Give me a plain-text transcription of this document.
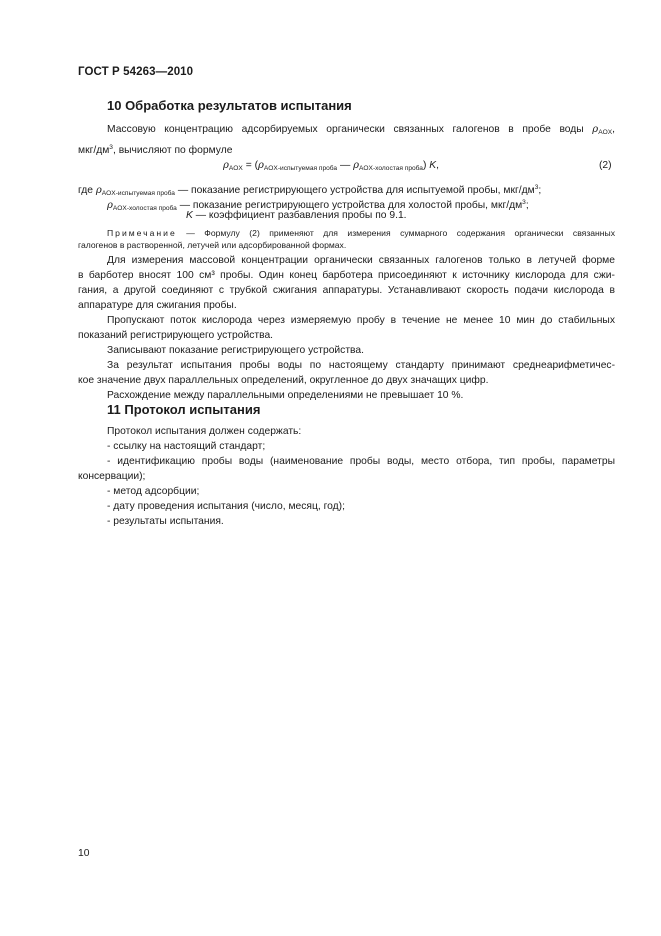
ГОСТ Р 54263—2010
10 Обработка результатов испытания
Массовую концентрацию адсорбируемых органически связанных галогенов в пробе воды $\rho_{AOX}$,
мкг/$дм^3$, вычисляют по формуле
$\rho_{AOX} = (\rho_{AOX-испытуемая проба}$ — $\rho_{AOX-холостая проба}$) K,	(2)
где $\rho_{AOX-испытуемая проба}$ — показание регистрирующего устройства для испытуемой пробы, мкг/$дм^3$;
$\rho_{AOX-холостая проба}$ — показание регистрирующего устройства для холостой пробы, мкг/$дм^3$;
K — коэффициент разбавления пробы по 9.1.
Примечание — Формулу (2) применяют для измерения суммарного содержания органически связанных
галогенов в растворенной, летучей или адсорбированной формах.
Для измерения массовой концентрации органически связанных галогенов только в летучей форме
в барботер вносят 100 см³ пробы. Один конец барботера присоединяют к источнику кислорода для сжи-
гания, а другой соединяют с трубкой сжигания аппаратуры. Устанавливают скорость подачи кислорода в
аппаратуре для сжигания пробы.
Пропускают поток кислорода через измеряемую пробу в течение не менее 10 мин до стабильных
показаний регистрирующего устройства.
Записывают показание регистрирующего устройства.
За результат испытания пробы воды по настоящему стандарту принимают среднеарифметичес-
кое значение двух параллельных определений, округленное до двух значащих цифр.
Расхождение между параллельными определениями не превышает 10 %.
11 Протокол испытания
Протокол испытания должен содержать:
- ссылку на настоящий стандарт;
- идентификацию пробы воды (наименование пробы воды, место отбора, тип пробы, параметры
консервации);
- метод адсорбции;
- дату проведения испытания (число, месяц, год);
- результаты испытания.
10
